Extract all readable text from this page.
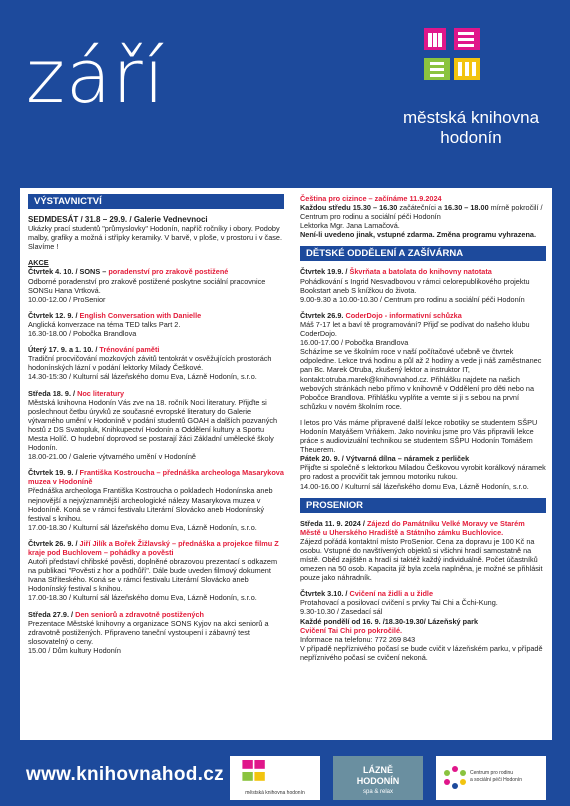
září	městská knihovna
hodonín
VÝSTAVNICTVÍ

SEDMDESÁT / 31.8 – 29.9. / Galerie Vednevnoci

Ukázky prací studentů "průmyslovky" Hodonín, napříč ročníky i obory. Podoby malby, grafiky a možná i střípky keramiky. V barvě, v ploše, v prostoru i v čase. Slavíme !

AKCE

Čtvrtek 4. 10. / SONS – poradenství pro zrakově postižené

Odborné poradenství pro zrakově postižené poskytne sociální pracovnice SONSu Hana Vrtková.

10.00-12.00 / ProSenior

Čtvrtek 12. 9. / English Conversation with Danielle

Anglická konverzace na téma TED talks Part 2.

16.30-18.00 / Pobočka Brandlova

Úterý 17. 9. a 1. 10. / Trénování paměti

Tradiční procvičování mozkových závitů tentokrát v osvěžujících prostorách hodonínských lázní v podání lektorky Milady Češkové.

14.30-15:30 / Kulturní sál lázeňského domu Eva, Lázně Hodonín, s.r.o.

Středa 18. 9. / Noc literatury

Městská knihovna Hodonín Vás zve na 18. ročník Noci literatury. Přijďte si poslechnout četbu úryvků ze současné evropské literatury do Galerie výtvarného umění v Hodoníně v podání studentů GOAH a dalších pozvaných hostů z DS Svatopluk, Knihkupectví Hodonín a Oddělení kultury a Sportu Mesta Holíč. O hudební doprovod se postarají žáci Základní umělecké školy Hodonín.

18.00-21.00 / Galerie výtvarného umění v Hodoníně

Čtvrtek 19. 9. / Františka Kostroucha – přednáška archeologa Masarykova muzea v Hodoníně

Přednáška archeologa Františka Kostroucha o pokladech Hodonínska aneb nejnovější a nejvýznamnější archeologické nálezy Masarykova muzea v Hodoníně. Koná se v rámci festivalu Literární Slovácko aneb Hodonínský festival s knihou.

17.00-18.30 / Kulturní sál lázeňského domu Eva, Lázně Hodonín, s.r.o.

Čtvrtek 26. 9. / Jiří Jilík a Bořek Žižlavský – přednáška a projekce filmu Z kraje pod Buchlovem – pohádky a pověsti

Autoři představí chřibské pověsti, doplněné obrazovou prezentací s odkazem na publikaci "Pověsti z hor a podhůří". Dále bude uveden filmový dokument Ivana Stříteského. Koná se v rámci festivalu Literární Slovácko aneb Hodonínský festival s knihou.

17.00-18.30 / Kulturní sál lázeňského domu Eva, Lázně Hodonín, s.r.o.

Středa 27.9. / Den seniorů a zdravotně postižených

Prezentace Městské knihovny a organizace SONS Kyjov na akci seniorů a zdravotně postižených. Připraveno taneční vystoupení i zábavný test slosovatelný o ceny.

15.00 / Dům kultury Hodonín

Čeština pro cizince – začínáme 11.9.2024

Každou středu 15.30 – 16.30 začátečníci a 16.30 – 18.00 mírně pokročilí / Centrum pro rodinu a sociální péči Hodonín

Lektorka Mgr. Jana Lamačová.

Není-li uvedeno jinak, vstupné zdarma. Změna programu vyhrazena.

DĚTSKÉ ODDĚLENÍ A ZAŠÍVÁRNA

Čtvrtek 19.9. / Škvrňata a batolata do knihovny natotata

Pohádkování s Ingrid Nesvadbovou v rámci celorepublikového projektu Bookstart aneb S knížkou do života.

9.00-9.30 a 10.00-10.30 / Centrum pro rodinu a sociální péči Hodonín

Čtvrtek 26.9. CoderDojo - informativní schůzka

Máš 7-17 let a baví tě programování? Přijď se podívat do našeho klubu CoderDojo.

16.00-17.00 / Pobočka Brandlova

Scházíme se ve školním roce v naší počítačové učebně ve čtvrtek odpoledne. Lekce trvá hodinu a půl až 2 hodiny a vede ji náš zaměstnanec pan Bc. Marek Otruba, zkušený lektor a instruktor IT, kontakt:otruba.marek@knihovnahod.cz. Přihlášku najdete na našich webových stránkách nebo přímo v knihovně v Oddělení pro děti nebo na Pobočce Brandlova. Přihlášku vyplňte a vemte si ji s sebou na první schůzku v novém školním roce.

I letos pro Vás máme připravené další lekce robotiky se studentem SŠPU Hodonín Matyášem Vrňákem. Jako novinku jsme pro Vás připravili lekce práce s audiovizuální technikou se studentem SŠPU Hodonín Tomášem Theuerem.

Pátek 20. 9. / Výtvarná dílna – náramek z perliček

Přijďte si společně s lektorkou Miladou Češkovou vyrobit korálkový náramek pro radost a procvičit tak jemnou motoriku rukou.

14.00-16.00 / Kulturní sál lázeňského domu Eva, Lázně Hodonín, s.r.o.

PROSENIOR

Středa 11. 9. 2024 / Zájezd do Památníku Velké Moravy ve Starém Městě u Uherského Hradiště a Státního zámku Buchlovice.

Zájezd pořádá kontaktní místo ProSenior. Cena za dopravu je 100 Kč na osobu. Vstupné do navštívených objektů si všichni hradí samostatně na místě. Oběd zajištěn a hradí si taktéž každý individuálně. Počet účastníků omezen na 50 osob. Kapacita již byla zcela naplněna, je možné se přihlásit pouze jako náhradník.

Čtvrtek 3.10. / Cvičení na židli a u židle

Protahovací a posilovací cvičení s prvky Tai Chi a Čchi-Kung.

9.30-10.30 / Zasedací sál

Každé pondělí od 16. 9. /18.30-19.30/ Lázeňský park

Cvičení Tai Chi pro pokročilé.

Informace na telefonu: 772 269 843

V případě nepříznivého počasí se bude cvičit v lázeňském parku, v případě nepříznivého počasí se cvičení nekoná.

www.knihovnahod.cz
městská knihovna hodonín
LÁZNĚ
HODONÍN
spa & relax
Centrum pro rodinu
a sociální péči Hodonín
